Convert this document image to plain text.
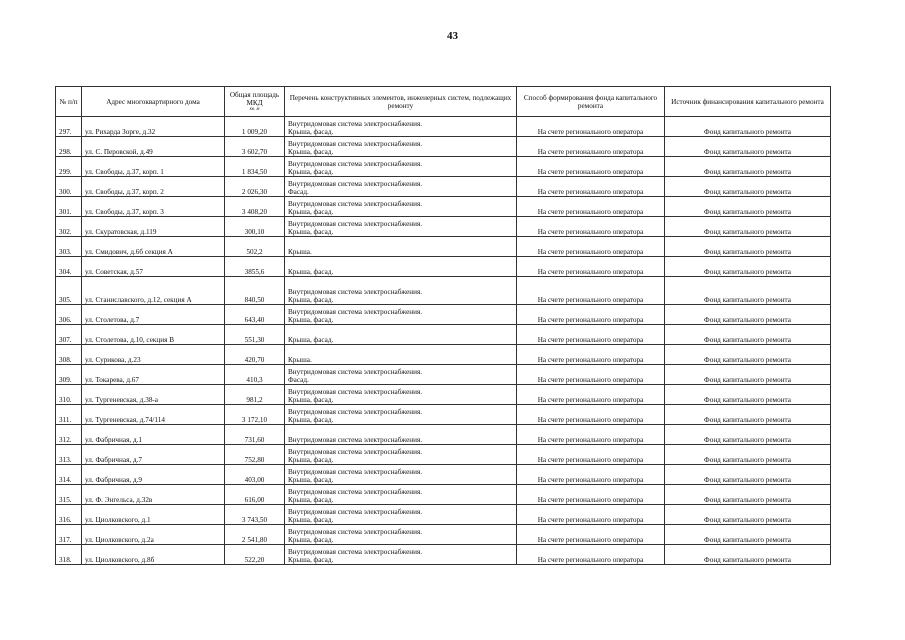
43
№ п/п	Адрес многоквартирного дома	Общая площадь МКД
кв. м	Перечень конструктивных элементов, инженерных систем, подлежащих ремонту	Способ формирования фонда капитального ремонта	Источник финансирования капитального ремонта
297.	ул. Рихарда Зорге, д.32	1 009,20	Внутридомовая система электроснабжения.
Крыша, фасад.	На счете регионального оператора	Фонд капитального ремонта
298.	ул. С. Перовской, д.49	3 602,70	Внутридомовая система электроснабжения.
Крыша, фасад.	На счете регионального оператора	Фонд капитального ремонта
299.	ул. Свободы, д.37, корп. 1	1 834,50	Внутридомовая система электроснабжения.
Крыша, фасад.	На счете регионального оператора	Фонд капитального ремонта
300.	ул. Свободы, д.37, корп. 2	2 026,30	Внутридомовая система электроснабжения.
Фасад.	На счете регионального оператора	Фонд капитального ремонта
301.	ул. Свободы, д.37, корп. 3	3 408,20	Внутридомовая система электроснабжения.
Крыша, фасад.	На счете регионального оператора	Фонд капитального ремонта
302.	ул. Скуратовская, д.119	300,10	Внутридомовая система электроснабжения.
Крыша, фасад.	На счете регионального оператора	Фонд капитального ремонта
303.	ул. Смидович, д.6б секция А	502,2	Крыша.	На счете регионального оператора	Фонд капитального ремонта
304.	ул. Советская, д.57	3855,6	Крыша, фасад.	На счете регионального оператора	Фонд капитального ремонта
305.	ул. Станиславского, д.12, секция А	840,50	Внутридомовая система электроснабжения.
Крыша, фасад.	На счете регионального оператора	Фонд капитального ремонта
306.	ул. Столетова, д.7	643,40	Внутридомовая система электроснабжения.
Крыша, фасад.	На счете регионального оператора	Фонд капитального ремонта
307.	ул. Столетова, д.10, секция В	551,30	Крыша, фасад.	На счете регионального оператора	Фонд капитального ремонта
308.	ул. Сурикова, д.23	420,70	Крыша.	На счете регионального оператора	Фонд капитального ремонта
309.	ул. Токарева, д.67	410,3	Внутридомовая система электроснабжения.
Фасад.	На счете регионального оператора	Фонд капитального ремонта
310.	ул. Тургеневская, д.38-а	981,2	Внутридомовая система электроснабжения.
Крыша, фасад.	На счете регионального оператора	Фонд капитального ремонта
311.	ул. Тургеневская, д.74/114	3 172,10	Внутридомовая система электроснабжения.
Крыша, фасад.	На счете регионального оператора	Фонд капитального ремонта
312.	ул. Фабричная, д.1	731,60	Внутридомовая система электроснабжения.	На счете регионального оператора	Фонд капитального ремонта
313.	ул. Фабричная, д.7	752,80	Внутридомовая система электроснабжения.
Крыша, фасад.	На счете регионального оператора	Фонд капитального ремонта
314.	ул. Фабричная, д.9	403,00	Внутридомовая система электроснабжения.
Крыша, фасад.	На счете регионального оператора	Фонд капитального ремонта
315.	ул. Ф. Энгельса, д.32в	616,00	Внутридомовая система электроснабжения.
Крыша, фасад.	На счете регионального оператора	Фонд капитального ремонта
316.	ул. Циолковского, д.1	3 743,50	Внутридомовая система электроснабжения.
Крыша, фасад.	На счете регионального оператора	Фонд капитального ремонта
317.	ул. Циолковского, д.2а	2 541,80	Внутридомовая система электроснабжения.
Крыша, фасад.	На счете регионального оператора	Фонд капитального ремонта
318.	ул. Циолковского, д.8б	522,20	Внутридомовая система электроснабжения.
Крыша, фасад.	На счете регионального оператора	Фонд капитального ремонта
